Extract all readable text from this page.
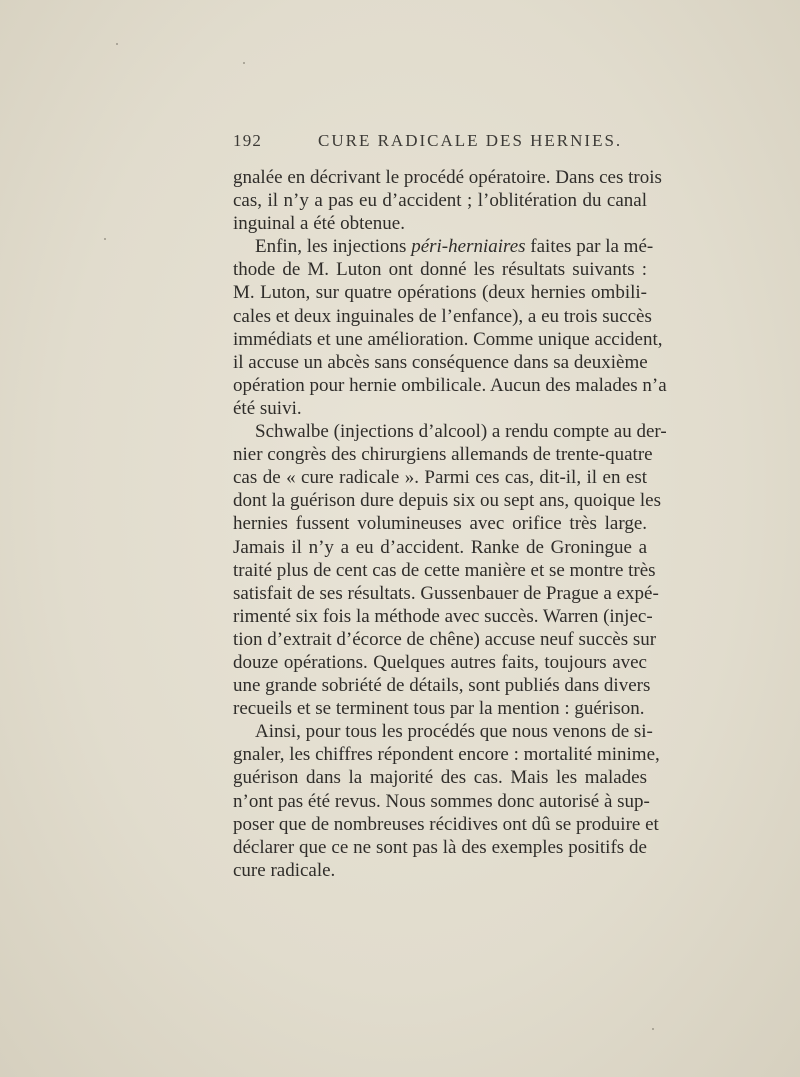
192	CURE RADICALE DES HERNIES.
gnalée en décrivant le procédé opératoire. Dans ces trois
cas, il n’y a pas eu d’accident ; l’oblitération du canal
inguinal a été obtenue.
Enfin, les injections péri-herniaires faites par la mé-
thode de M. Luton ont donné les résultats suivants :
M. Luton, sur quatre opérations (deux hernies ombili-
cales et deux inguinales de l’enfance), a eu trois succès
immédiats et une amélioration. Comme unique accident,
il accuse un abcès sans conséquence dans sa deuxième
opération pour hernie ombilicale. Aucun des malades n’a
été suivi.
Schwalbe (injections d’alcool) a rendu compte au der-
nier congrès des chirurgiens allemands de trente-quatre
cas de « cure radicale ». Parmi ces cas, dit-il, il en est
dont la guérison dure depuis six ou sept ans, quoique les
hernies fussent volumineuses avec orifice très large.
Jamais il n’y a eu d’accident. Ranke de Groningue a
traité plus de cent cas de cette manière et se montre très
satisfait de ses résultats. Gussenbauer de Prague a expé-
rimenté six fois la méthode avec succès. Warren (injec-
tion d’extrait d’écorce de chêne) accuse neuf succès sur
douze opérations. Quelques autres faits, toujours avec
une grande sobriété de détails, sont publiés dans divers
recueils et se terminent tous par la mention : guérison.
Ainsi, pour tous les procédés que nous venons de si-
gnaler, les chiffres répondent encore : mortalité minime,
guérison dans la majorité des cas. Mais les malades
n’ont pas été revus. Nous sommes donc autorisé à sup-
poser que de nombreuses récidives ont dû se produire et
déclarer que ce ne sont pas là des exemples positifs de
cure radicale.
